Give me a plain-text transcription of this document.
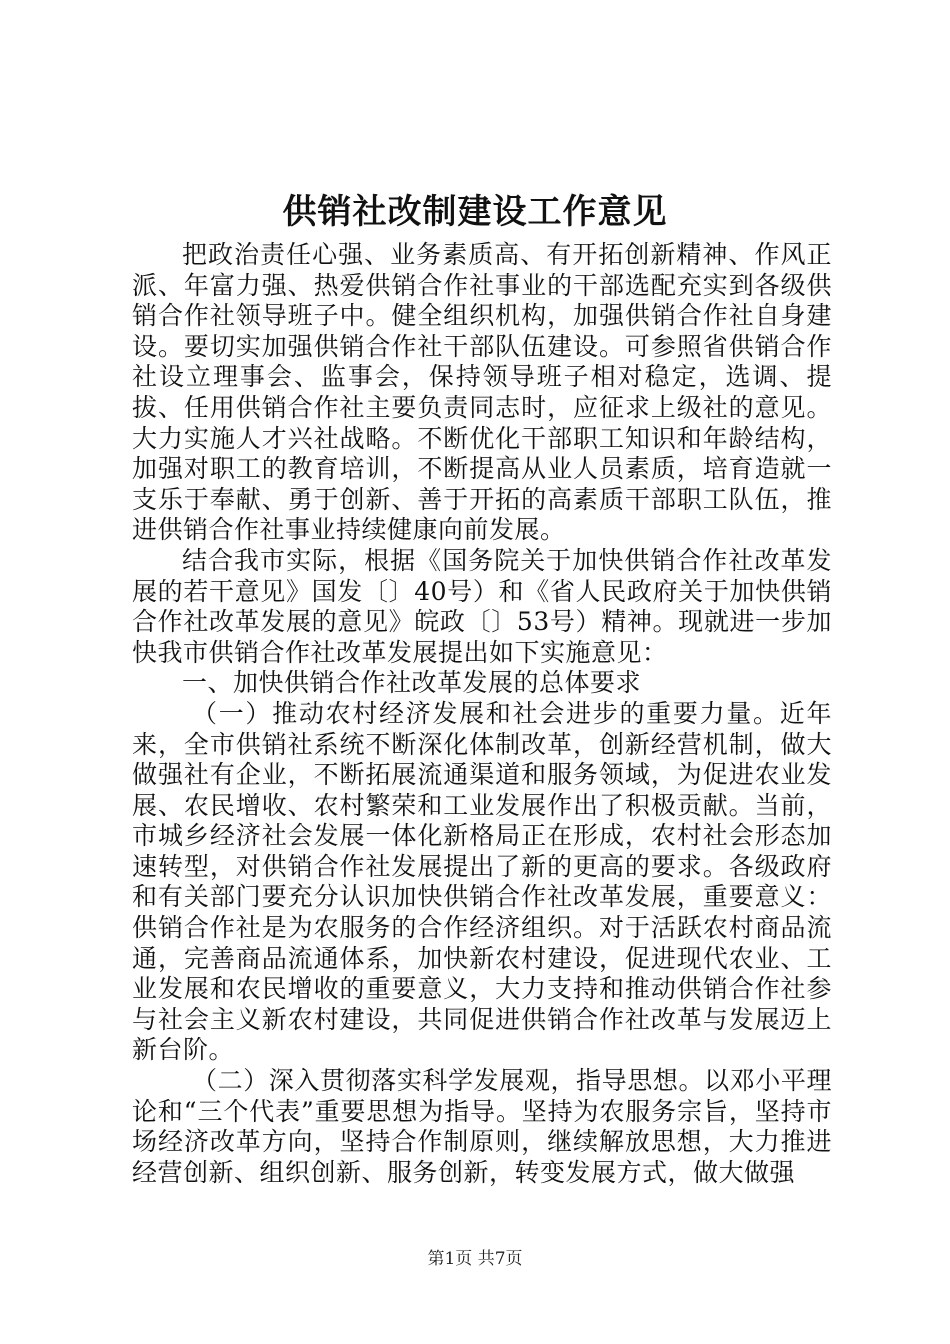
供销社改制建设工作意见

把政治责任心强、业务素质高、有开拓创新精神、作风正派、年富力强、热爱供销合作社事业的干部选配充实到各级供销合作社领导班子中。健全组织机构，加强供销合作社自身建设。要切实加强供销合作社干部队伍建设。可参照省供销合作社设立理事会、监事会，保持领导班子相对稳定，选调、提拔、任用供销合作社主要负责同志时，应征求上级社的意见。大力实施人才兴社战略。不断优化干部职工知识和年龄结构，加强对职工的教育培训，不断提高从业人员素质，培育造就一支乐于奉献、勇于创新、善于开拓的高素质干部职工队伍，推进供销合作社事业持续健康向前发展。

结合我市实际，根据《国务院关于加快供销合作社改革发展的若干意见》国发〔〕40号）和《省人民政府关于加快供销合作社改革发展的意见》皖政〔〕53号）精神。现就进一步加快我市供销合作社改革发展提出如下实施意见：

一、加快供销合作社改革发展的总体要求

（一）推动农村经济发展和社会进步的重要力量。近年来，全市供销社系统不断深化体制改革，创新经营机制，做大做强社有企业，不断拓展流通渠道和服务领域，为促进农业发展、农民增收、农村繁荣和工业发展作出了积极贡献。当前，市城乡经济社会发展一体化新格局正在形成，农村社会形态加速转型，对供销合作社发展提出了新的更高的要求。各级政府和有关部门要充分认识加快供销合作社改革发展，重要意义：供销合作社是为农服务的合作经济组织。对于活跃农村商品流通，完善商品流通体系，加快新农村建设，促进现代农业、工业发展和农民增收的重要意义，大力支持和推动供销合作社参与社会主义新农村建设，共同促进供销合作社改革与发展迈上新台阶。

（二）深入贯彻落实科学发展观，指导思想。以邓小平理论和“三个代表”重要思想为指导。坚持为农服务宗旨，坚持市场经济改革方向，坚持合作制原则，继续解放思想，大力推进经营创新、组织创新、服务创新，转变发展方式，做大做强

第1页 共7页
